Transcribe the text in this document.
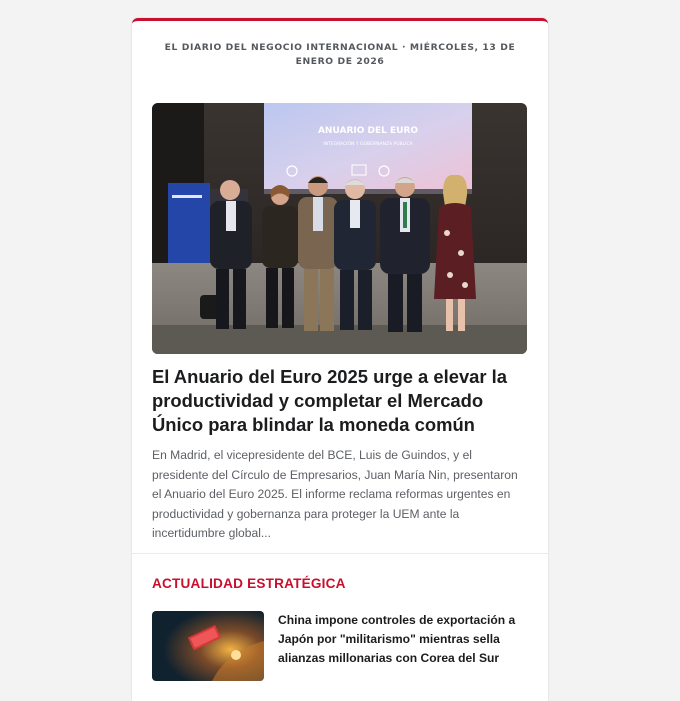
EL DIARIO DEL NEGOCIO INTERNACIONAL · MIÉRCOLES, 13 DE ENERO DE 2026
ANUARIO DEL EURO
INTEGRACIÓN Y GOBERNANZA PÚBLICA
El Anuario del Euro 2025 urge a elevar la productividad y completar el Mercado Único para blindar la moneda común
En Madrid, el vicepresidente del BCE, Luis de Guindos, y el presidente del Círculo de Empresarios, Juan María Nin, presentaron el Anuario del Euro 2025. El informe reclama reformas urgentes en productividad y gobernanza para proteger la UEM ante la incertidumbre global...
ACTUALIDAD ESTRATÉGICA
China impone controles de exportación a Japón por "militarismo" mientras sella alianzas millonarias con Corea del Sur
